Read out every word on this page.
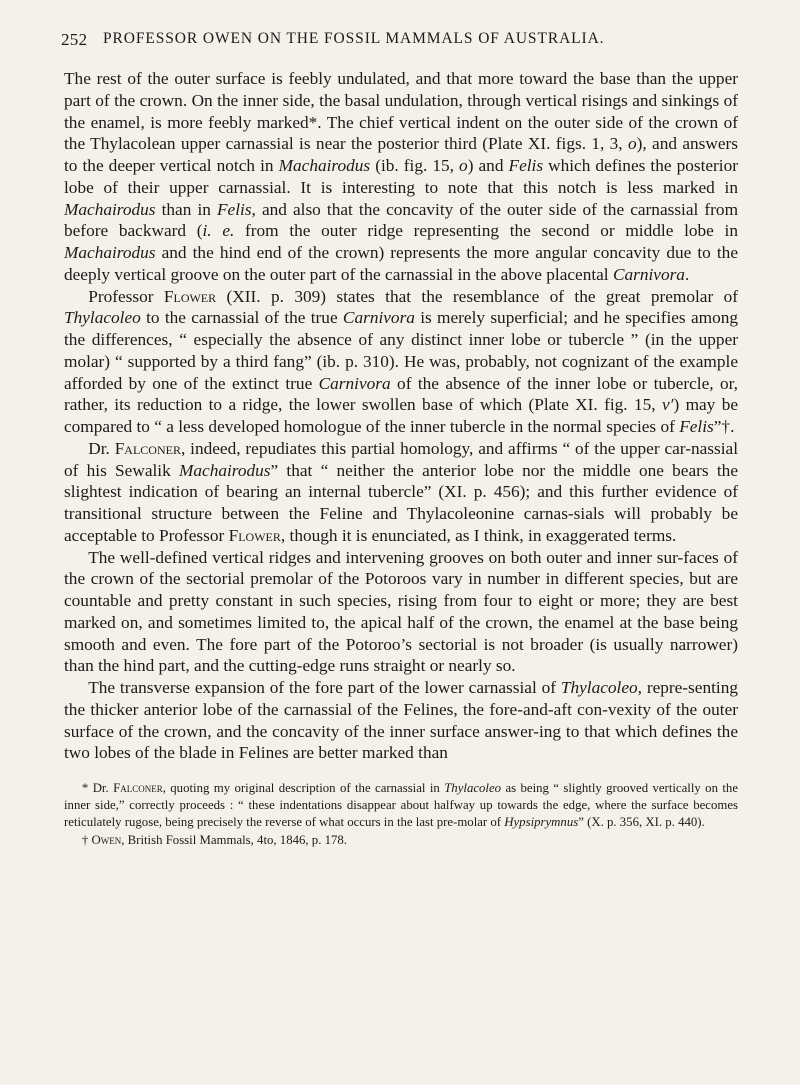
252 PROFESSOR OWEN ON THE FOSSIL MAMMALS OF AUSTRALIA.

The rest of the outer surface is feebly undulated, and that more toward the base than the upper part of the crown. On the inner side, the basal undulation, through vertical risings and sinkings of the enamel, is more feebly marked*. The chief vertical indent on the outer side of the crown of the Thylacolean upper carnassial is near the posterior third (Plate XI. figs. 1, 3, o), and answers to the deeper vertical notch in Machairodus (ib. fig. 15, o) and Felis which defines the posterior lobe of their upper carnassial. It is interesting to note that this notch is less marked in Machairodus than in Felis, and also that the concavity of the outer side of the carnassial from before backward (i. e. from the outer ridge representing the second or middle lobe in Machairodus and the hind end of the crown) represents the more angular concavity due to the deeply vertical groove on the outer part of the carnassial in the above placental Carnivora.

Professor Flower (XII. p. 309) states that the resemblance of the great premolar of Thylacoleo to the carnassial of the true Carnivora is merely superficial; and he specifies among the differences, “ especially the absence of any distinct inner lobe or tubercle ” (in the upper molar) “ supported by a third fang” (ib. p. 310). He was, probably, not cognizant of the example afforded by one of the extinct true Carnivora of the absence of the inner lobe or tubercle, or, rather, its reduction to a ridge, the lower swollen base of which (Plate XI. fig. 15, v′) may be compared to “ a less developed homologue of the inner tubercle in the normal species of Felis”†.

Dr. Falconer, indeed, repudiates this partial homology, and affirms “ of the upper car-nassial of his Sewalik Machairodus” that “ neither the anterior lobe nor the middle one bears the slightest indication of bearing an internal tubercle” (XI. p. 456); and this further evidence of transitional structure between the Feline and Thylacoleonine carnas-sials will probably be acceptable to Professor Flower, though it is enunciated, as I think, in exaggerated terms.

The well-defined vertical ridges and intervening grooves on both outer and inner sur-faces of the crown of the sectorial premolar of the Potoroos vary in number in different species, but are countable and pretty constant in such species, rising from four to eight or more; they are best marked on, and sometimes limited to, the apical half of the crown, the enamel at the base being smooth and even. The fore part of the Potoroo’s sectorial is not broader (is usually narrower) than the hind part, and the cutting-edge runs straight or nearly so.

The transverse expansion of the fore part of the lower carnassial of Thylacoleo, repre-senting the thicker anterior lobe of the carnassial of the Felines, the fore-and-aft con-vexity of the outer surface of the crown, and the concavity of the inner surface answer-ing to that which defines the two lobes of the blade in Felines are better marked than

* Dr. Falconer, quoting my original description of the carnassial in Thylacoleo as being “ slightly grooved vertically on the inner side,” correctly proceeds : “ these indentations disappear about halfway up towards the edge, where the surface becomes reticulately rugose, being precisely the reverse of what occurs in the last pre-molar of Hypsiprymnus” (X. p. 356, XI. p. 440).

† Owen, British Fossil Mammals, 4to, 1846, p. 178.
